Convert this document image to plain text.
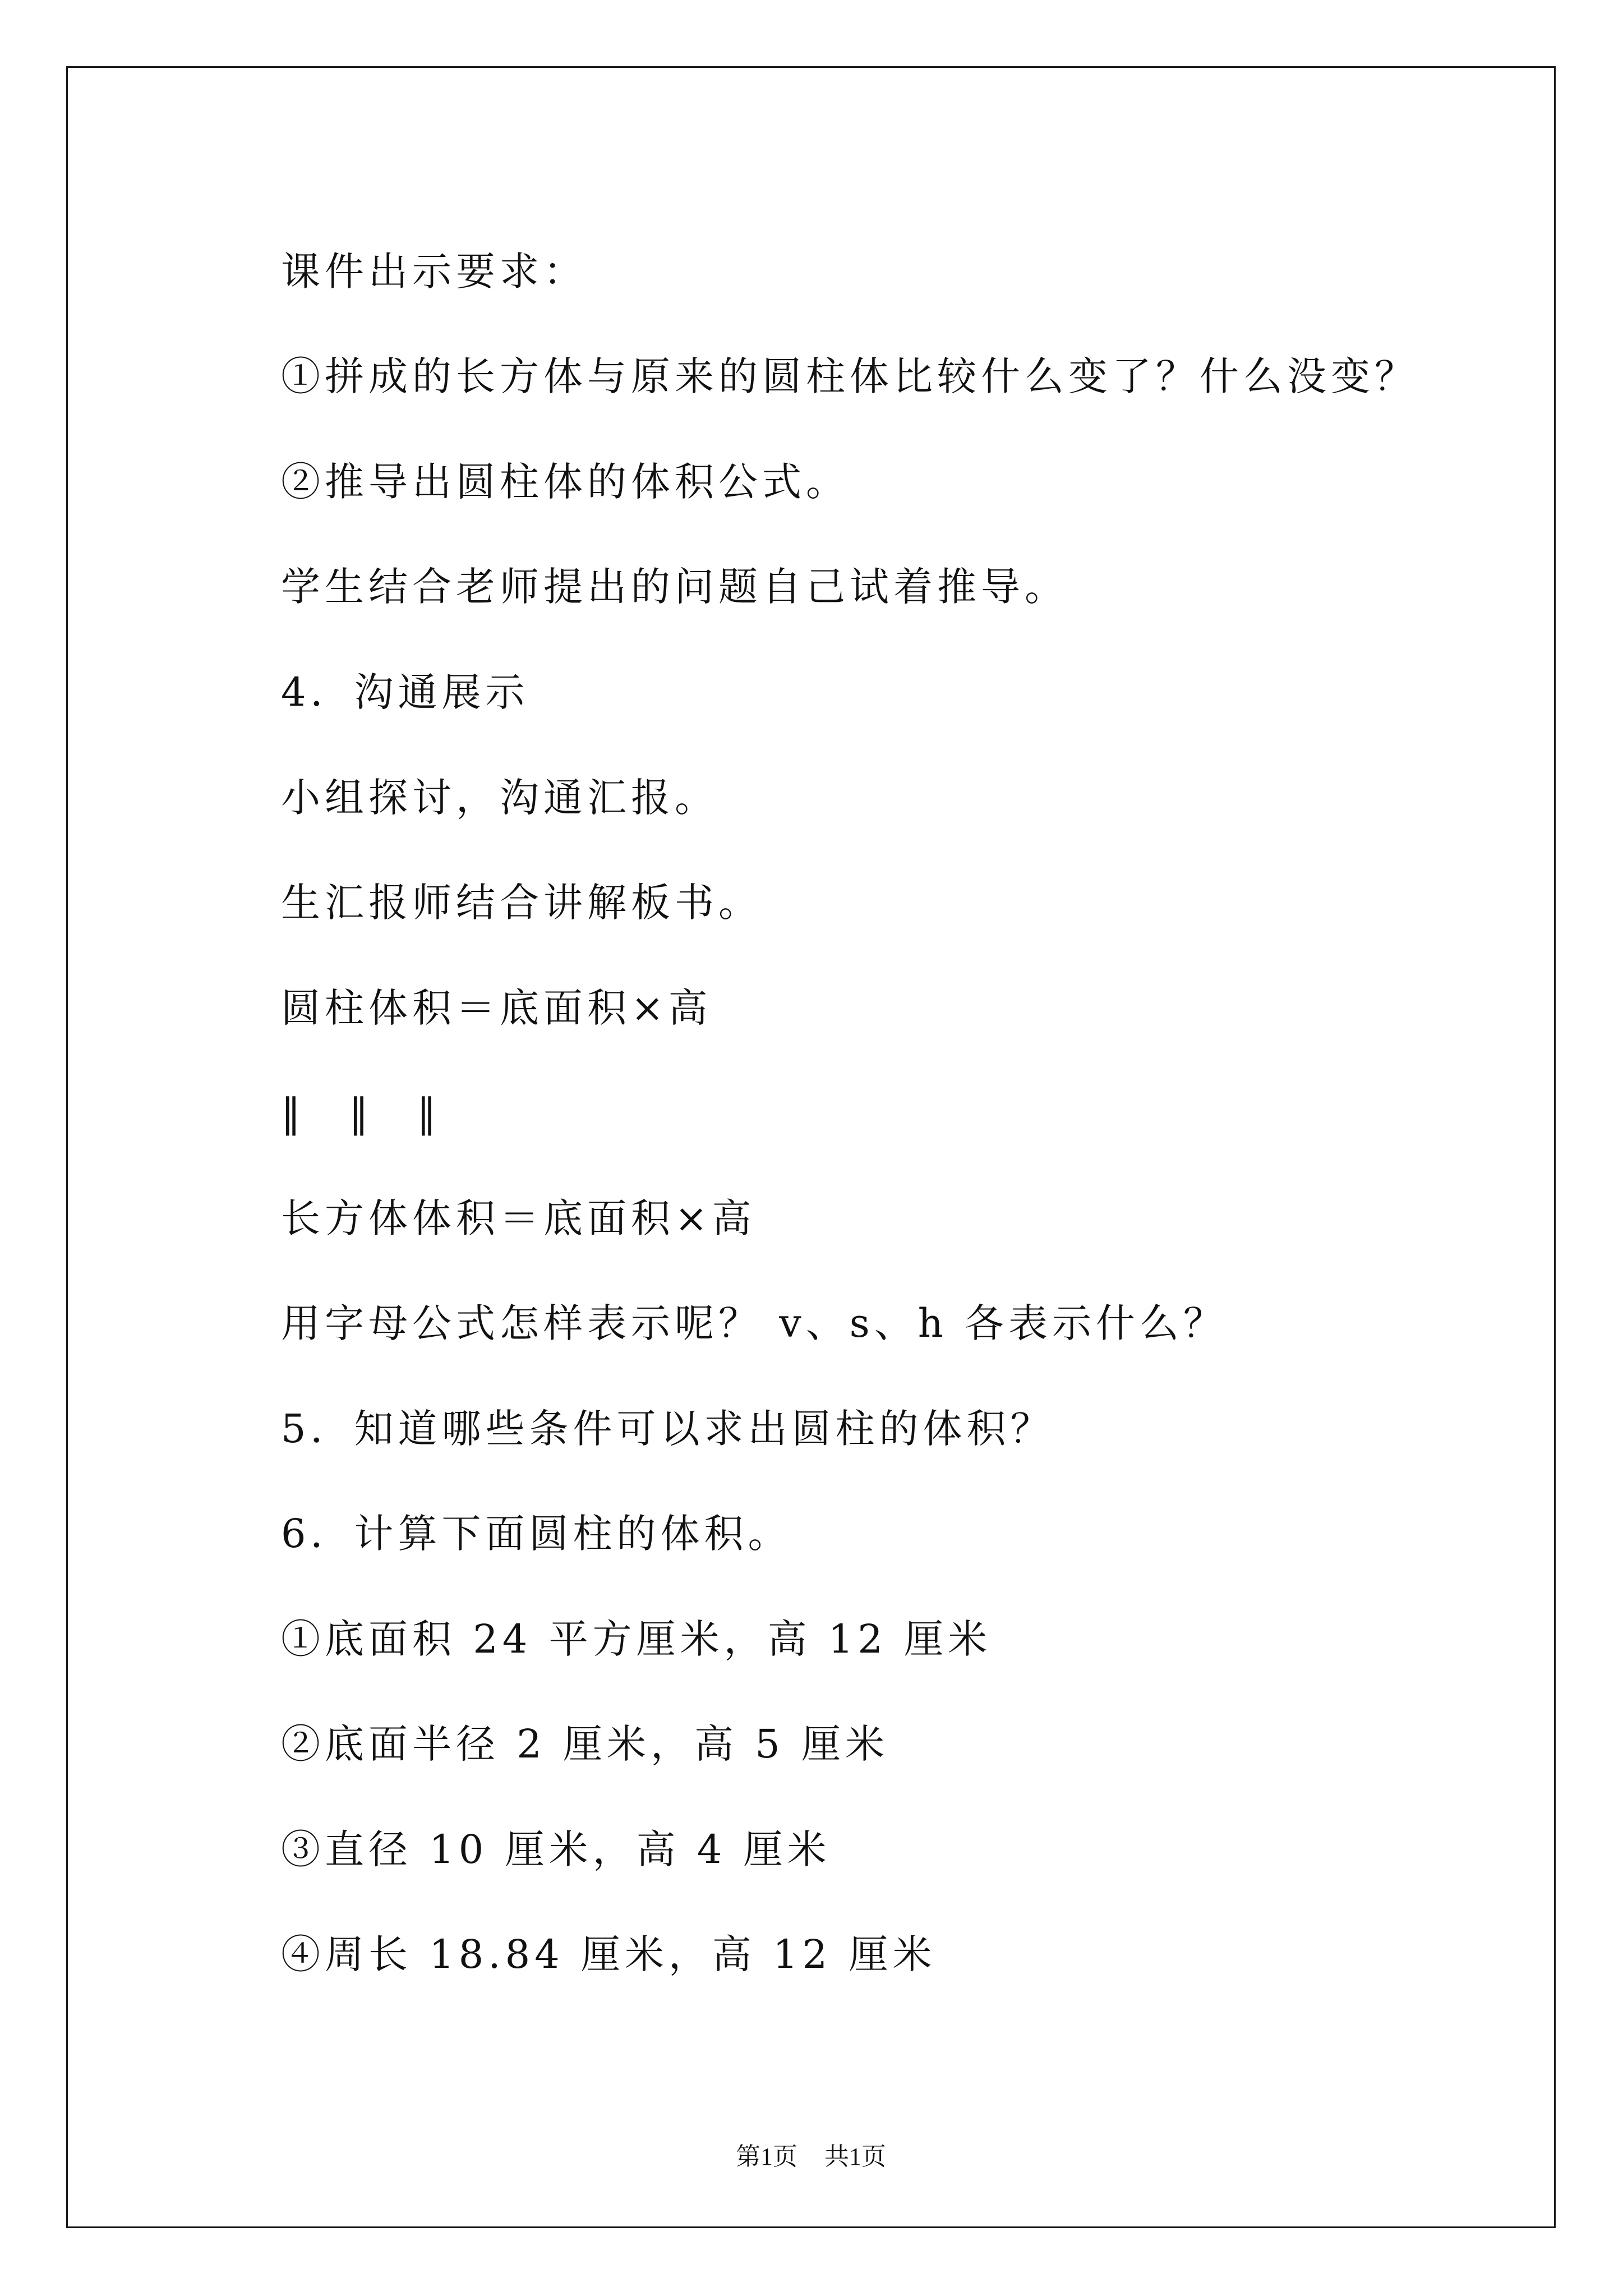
课件出示要求：
①拼成的长方体与原来的圆柱体比较什么变了？什么没变？
②推导出圆柱体的体积公式。
学生结合老师提出的问题自己试着推导。
4．沟通展示
小组探讨，沟通汇报。
生汇报师结合讲解板书。
圆柱体积＝底面积×高
‖　‖　‖
长方体体积＝底面积×高
用字母公式怎样表示呢？ v、s、h 各表示什么？
5．知道哪些条件可以求出圆柱的体积？
6．计算下面圆柱的体积。
①底面积 24 平方厘米，高 12 厘米
②底面半径 2 厘米，高 5 厘米
③直径 10 厘米，高 4 厘米
④周长 18.84 厘米，高 12 厘米
第1页 共1页
